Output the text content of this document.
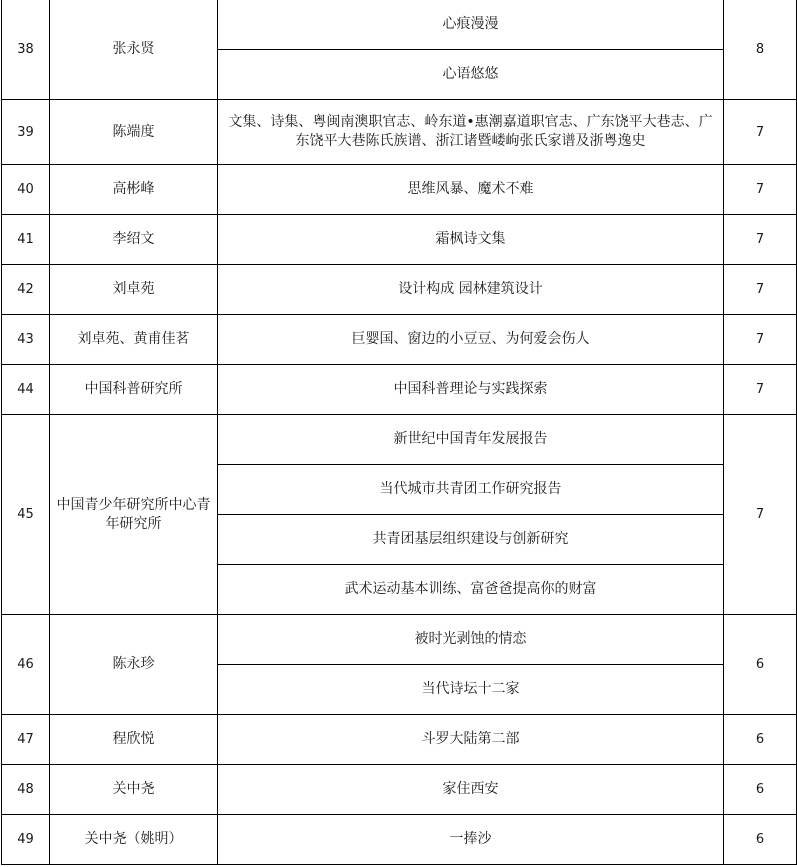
38	张永贤	心痕漫漫	8
		心语悠悠	
39	陈端度	文集、诗集、粤闽南澳职官志、岭东道•惠潮嘉道职官志、广东饶平大巷志、广东饶平大巷陈氏族谱、浙江诸暨嵝岣张氏家谱及浙粤逸史	7
40	高彬峰	思维风暴、魔术不难	7
41	李绍文	霜枫诗文集	7
42	刘卓苑	设计构成 园林建筑设计	7
43	刘卓苑、黄甫佳茗	巨婴国、窗边的小豆豆、为何爱会伤人	7
44	中国科普研究所	中国科普理论与实践探索	7
45	中国青少年研究所中心青年研究所	新世纪中国青年发展报告	7
		当代城市共青团工作研究报告	
		共青团基层组织建设与创新研究	
		武术运动基本训练、富爸爸提高你的财富	
46	陈永珍	被时光剥蚀的情恋	6
		当代诗坛十二家	
47	程欣悦	斗罗大陆第二部	6
48	关中尧	家住西安	6
49	关中尧（姚明）	一捧沙	6
